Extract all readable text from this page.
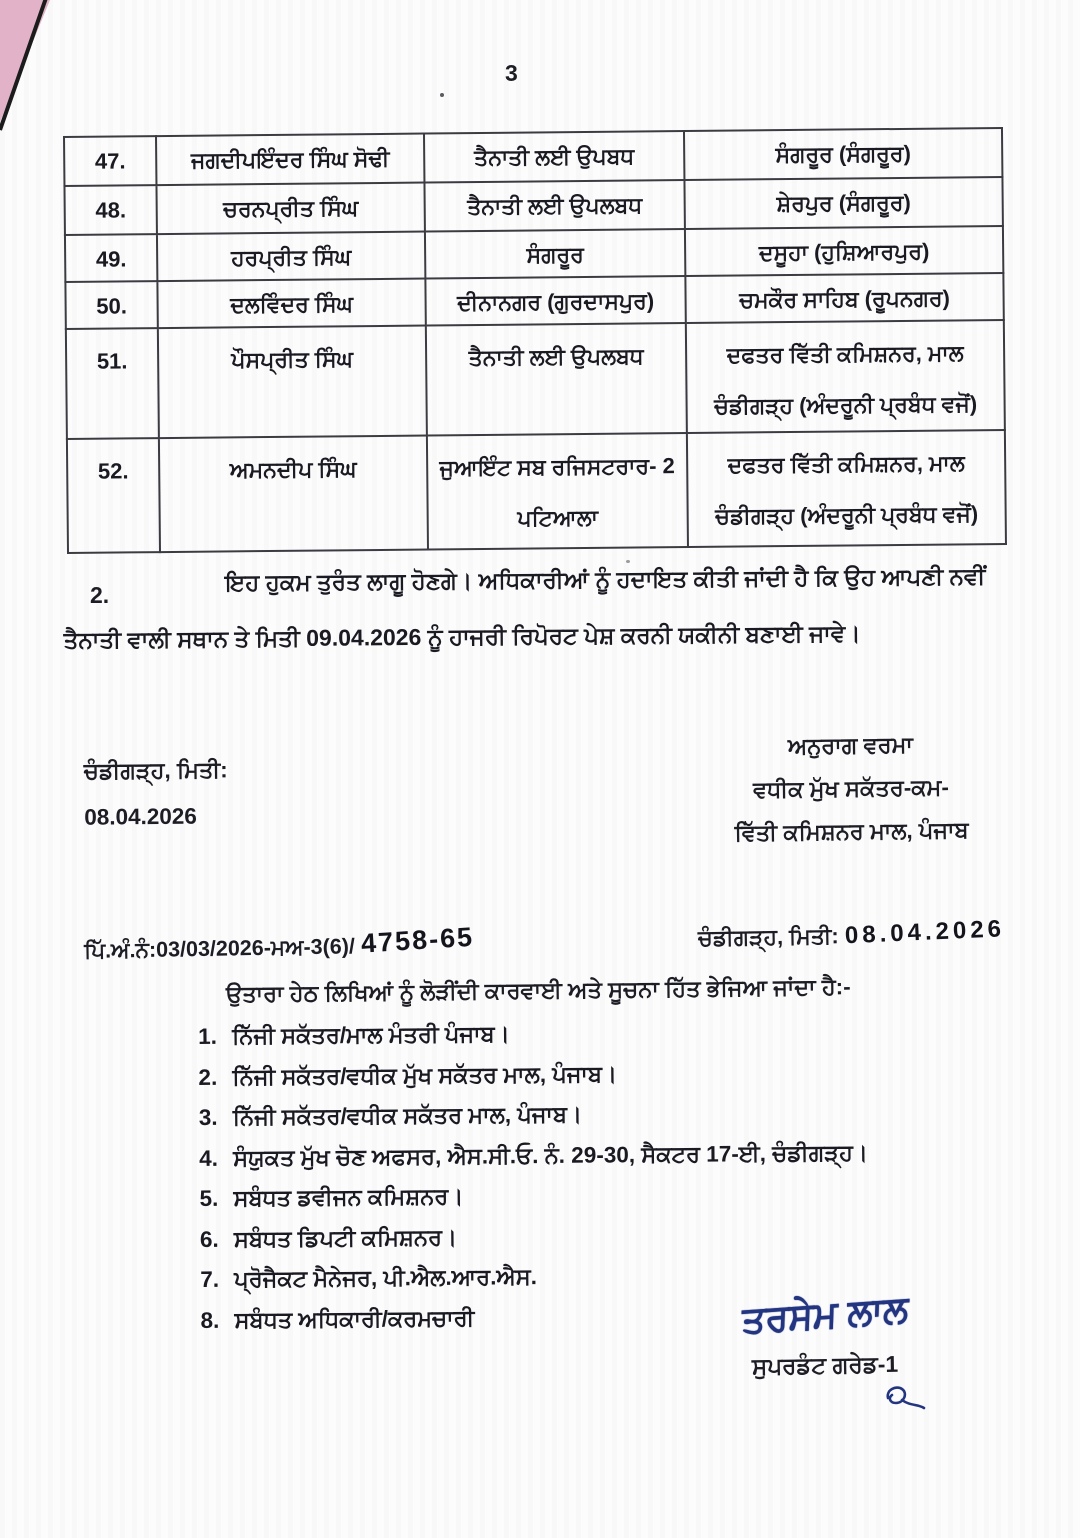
3
47.	ਜਗਦੀਪਇੰਦਰ ਸਿੰਘ ਸੋਢੀ	ਤੈਨਾਤੀ ਲਈ ਉਪਬਧ	ਸੰਗਰੂਰ (ਸੰਗਰੂਰ)
48.	ਚਰਨਪ੍ਰੀਤ ਸਿੰਘ	ਤੈਨਾਤੀ ਲਈ ਉਪਲਬਧ	ਸ਼ੇਰਪੁਰ (ਸੰਗਰੂਰ)
49.	ਹਰਪ੍ਰੀਤ ਸਿੰਘ	ਸੰਗਰੂਰ	ਦਸੂਹਾ (ਹੁਸ਼ਿਆਰਪੁਰ)
50.	ਦਲਵਿੰਦਰ ਸਿੰਘ	ਦੀਨਾਨਗਰ (ਗੁਰਦਾਸਪੁਰ)	ਚਮਕੌਰ ਸਾਹਿਬ (ਰੂਪਨਗਰ)
51.	ਪੌਸਪ੍ਰੀਤ ਸਿੰਘ	ਤੈਨਾਤੀ ਲਈ ਉਪਲਬਧ	ਦਫਤਰ ਵਿੱਤੀ ਕਮਿਸ਼ਨਰ, ਮਾਲ ਚੰਡੀਗੜ੍ਹ (ਅੰਦਰੂਨੀ ਪ੍ਰਬੰਧ ਵਜੋਂ)
52.	ਅਮਨਦੀਪ ਸਿੰਘ	ਜੁਆਇੰਟ ਸਬ ਰਜਿਸਟਰਾਰ- 2 ਪਟਿਆਲਾ	ਦਫਤਰ ਵਿੱਤੀ ਕਮਿਸ਼ਨਰ, ਮਾਲ ਚੰਡੀਗੜ੍ਹ (ਅੰਦਰੂਨੀ ਪ੍ਰਬੰਧ ਵਜੋਂ)
2.	ਇਹ ਹੁਕਮ ਤੁਰੰਤ ਲਾਗੂ ਹੋਣਗੇ। ਅਧਿਕਾਰੀਆਂ ਨੂੰ ਹਦਾਇਤ ਕੀਤੀ ਜਾਂਦੀ ਹੈ ਕਿ ਉਹ ਆਪਣੀ ਨਵੀਂ ਤੈਨਾਤੀ ਵਾਲੀ ਸਥਾਨ ਤੇ ਮਿਤੀ 09.04.2026 ਨੂੰ ਹਾਜਰੀ ਰਿਪੋਰਟ ਪੇਸ਼ ਕਰਨੀ ਯਕੀਨੀ ਬਣਾਈ ਜਾਵੇ।
ਚੰਡੀਗੜ੍ਹ, ਮਿਤੀ:
08.04.2026
ਅਨੁਰਾਗ ਵਰਮਾ
ਵਧੀਕ ਮੁੱਖ ਸਕੱਤਰ-ਕਮ-
ਵਿੱਤੀ ਕਮਿਸ਼ਨਰ ਮਾਲ, ਪੰਜਾਬ
ਪਿੱ.ਅੰ.ਨੰ:03/03/2026-ਮਅ-3(6)/ 4758-65	ਚੰਡੀਗੜ੍ਹ, ਮਿਤੀ: 08.04.2026
ਉਤਾਰਾ ਹੇਠ ਲਿਖਿਆਂ ਨੂੰ ਲੋੜੀਂਦੀ ਕਾਰਵਾਈ ਅਤੇ ਸੂਚਨਾ ਹਿੱਤ ਭੇਜਿਆ ਜਾਂਦਾ ਹੈ:-
1. ਨਿੱਜੀ ਸਕੱਤਰ/ਮਾਲ ਮੰਤਰੀ ਪੰਜਾਬ।
2. ਨਿੱਜੀ ਸਕੱਤਰ/ਵਧੀਕ ਮੁੱਖ ਸਕੱਤਰ ਮਾਲ, ਪੰਜਾਬ।
3. ਨਿੱਜੀ ਸਕੱਤਰ/ਵਧੀਕ ਸਕੱਤਰ ਮਾਲ, ਪੰਜਾਬ।
4. ਸੰਯੁਕਤ ਮੁੱਖ ਚੋਣ ਅਫਸਰ, ਐਸ.ਸੀ.ਓ. ਨੰ. 29-30, ਸੈਕਟਰ 17-ਈ, ਚੰਡੀਗੜ੍ਹ।
5. ਸਬੰਧਤ ਡਵੀਜਨ ਕਮਿਸ਼ਨਰ।
6. ਸਬੰਧਤ ਡਿਪਟੀ ਕਮਿਸ਼ਨਰ।
7. ਪ੍ਰੋਜੈਕਟ ਮੈਨੇਜਰ, ਪੀ.ਐਲ.ਆਰ.ਐਸ.
8. ਸਬੰਧਤ ਅਧਿਕਾਰੀ/ਕਰਮਚਾਰੀ	ਤਰਸੇਮ ਲਾਲ
ਸੁਪਰਡੰਟ ਗਰੇਡ-1
